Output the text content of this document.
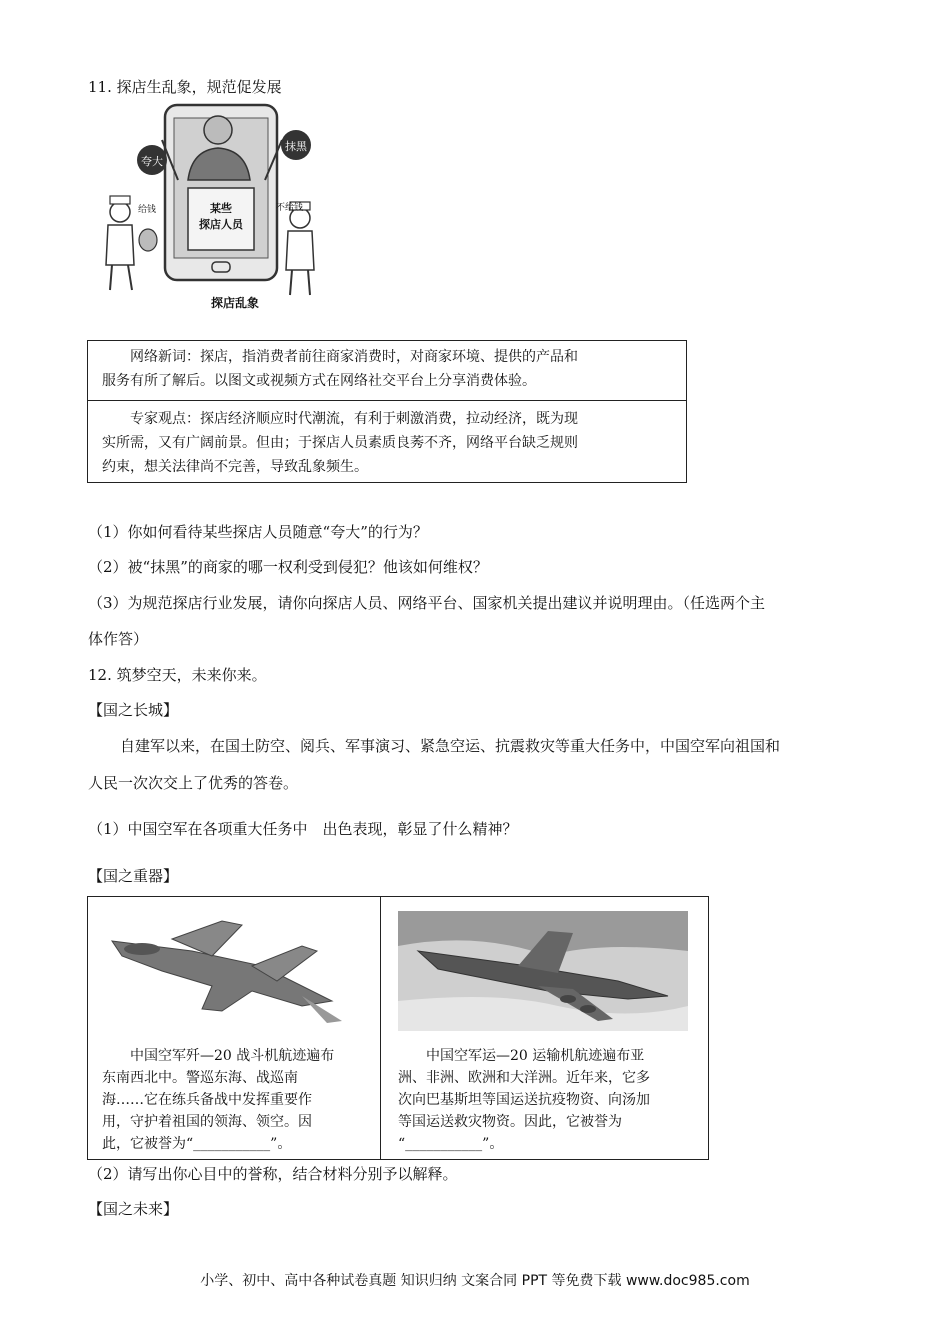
11. 探店生乱象，规范促发展
某些
探店人员
夸大
抹黑
给钱	不给钱
探店乱象
网络新词：探店，指消费者前往商家消费时，对商家环境、提供的产品和
服务有所了解后。以图文或视频方式在网络社交平台上分享消费体验。
专家观点：探店经济顺应时代潮流，有利于刺激消费，拉动经济，既为现
实所需，又有广阔前景。但由；于探店人员素质良莠不齐，网络平台缺乏规则
约束，想关法律尚不完善，导致乱象频生。
（1）你如何看待某些探店人员随意“夸大”的行为？
（2）被“抹黑”的商家的哪一权利受到侵犯？他该如何维权？
（3）为规范探店行业发展，请你向探店人员、网络平台、国家机关提出建议并说明理由。（任选两个主
体作答）
12. 筑梦空天，未来你来。
【国之长城】
自建军以来，在国土防空、阅兵、军事演习、紧急空运、抗震救灾等重大任务中，中国空军向祖国和
人民一次次交上了优秀的答卷。
（1）中国空军在各项重大任务中　出色表现，彰显了什么精神？
【国之重器】
中国空军歼—20 战斗机航迹遍布
东南西北中。警巡东海、战巡南
海……它在练兵备战中发挥重要作
用，守护着祖国的领海、领空。因
此，它被誉为“___________”。
中国空军运—20 运输机航迹遍布亚
洲、非洲、欧洲和大洋洲。近年来，它多
次向巴基斯坦等国运送抗疫物资、向汤加
等国运送救灾物资。因此，它被誉为
“___________”。
（2）请写出你心目中的誉称，结合材料分别予以解释。
【国之未来】
小学、初中、高中各种试卷真题 知识归纳 文案合同 PPT 等免费下载 www.doc985.com
